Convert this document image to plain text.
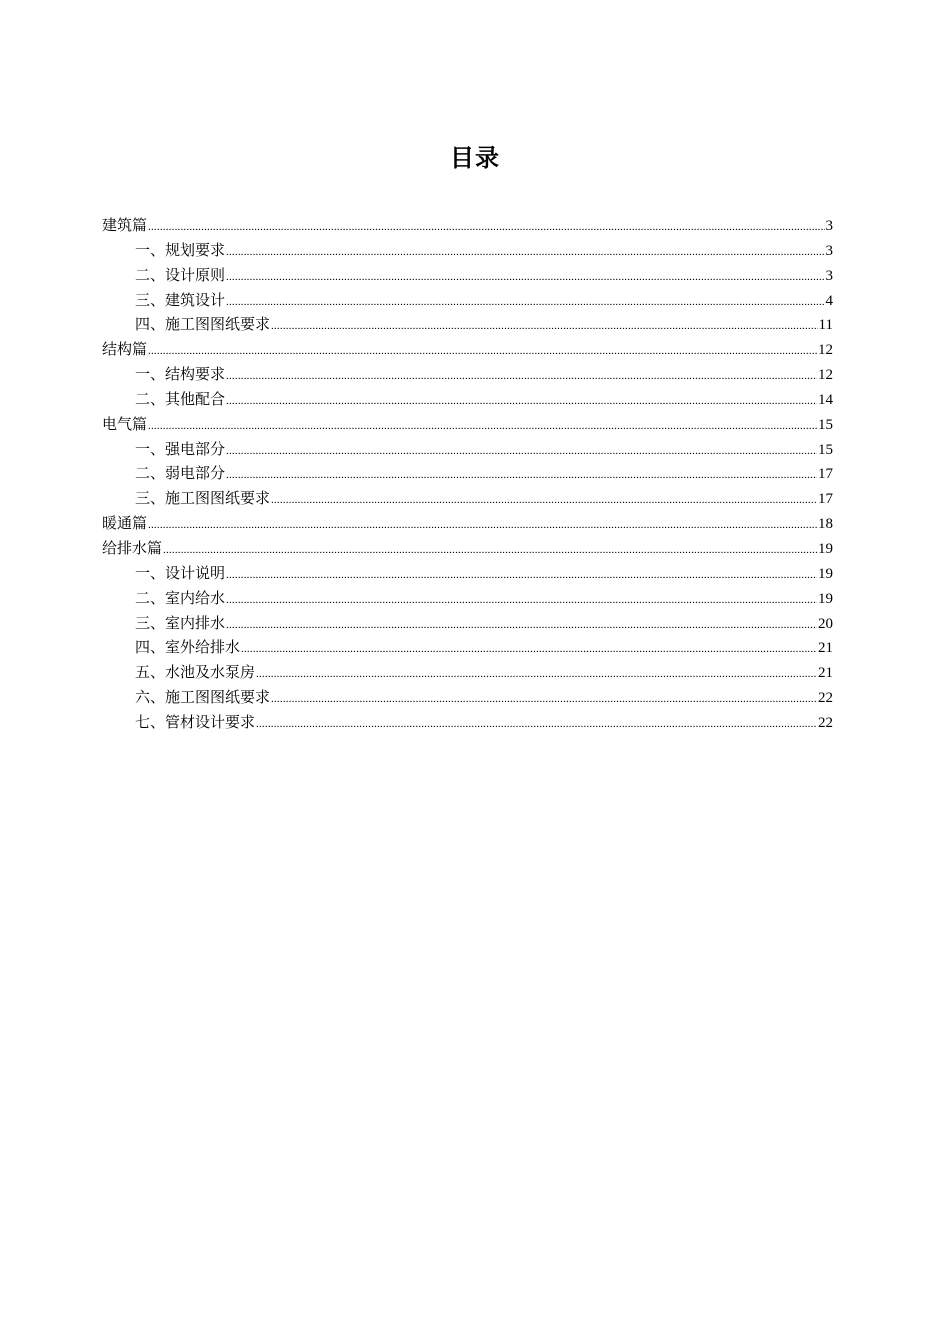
目录
建筑篇 .....	3
一、规划要求 .....	3
二、设计原则 .....	3
三、建筑设计 .....	4
四、施工图图纸要求 .....	11
结构篇 .....	12
一、结构要求 .....	12
二、其他配合 .....	14
电气篇 .....	15
一、强电部分 .....	15
二、弱电部分 .....	17
三、施工图图纸要求 .....	17
暖通篇 .....	18
给排水篇 .....	19
一、设计说明 .....	19
二、室内给水 .....	19
三、室内排水 .....	20
四、室外给排水 .....	21
五、水池及水泵房 .....	21
六、施工图图纸要求 .....	22
七、管材设计要求 .....	22
